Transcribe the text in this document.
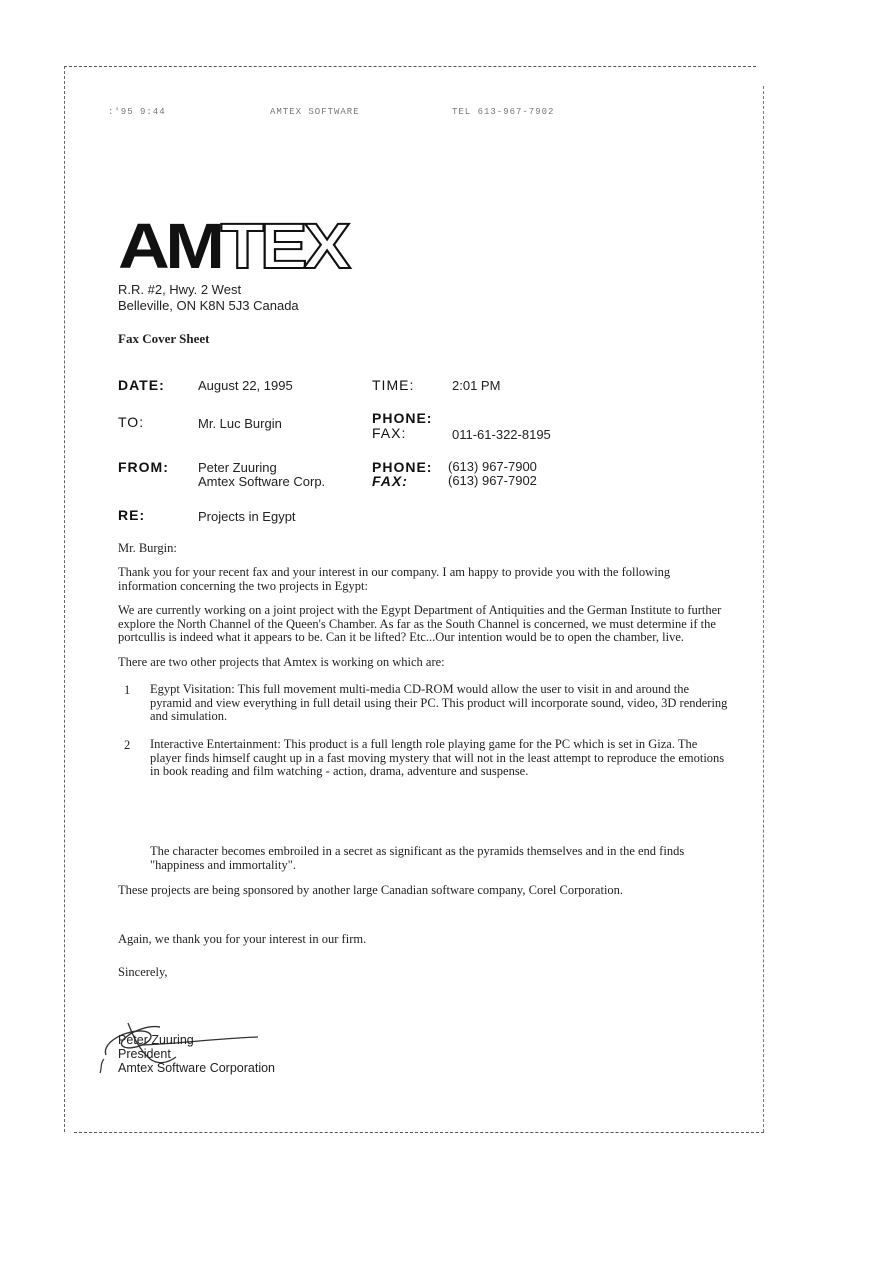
:'95 9:44	AMTEX SOFTWARE	TEL 613-967-7902
AMTEX
R.R. #2, Hwy. 2 West
Belleville, ON K8N 5J3 Canada
Fax Cover Sheet
DATE:	August 22, 1995	TIME:	2:01 PM
TO:	Mr. Luc Burgin	PHONE:
FAX:	011-61-322-8195
FROM: Peter Zuuring
Amtex Software Corp.
PHONE: (613) 967-7900
FAX:	(613) 967-7902
RE:	Projects in Egypt
Mr. Burgin:
Thank you for your recent fax and your interest in our company. I am happy to provide you with the following information concerning the two projects in Egypt:
We are currently working on a joint project with the Egypt Department of Antiquities and the German Institute to further explore the North Channel of the Queen's Chamber. As far as the South Channel is concerned, we must determine if the portcullis is indeed what it appears to be. Can it be lifted? Etc...Our intention would be to open the chamber, live.
There are two other projects that Amtex is working on which are:
1 Egypt Visitation: This full movement multi-media CD-ROM would allow the user to visit in and around the pyramid and view everything in full detail using their PC. This product will incorporate sound, video, 3D rendering and simulation.
2 Interactive Entertainment: This product is a full length role playing game for the PC which is set in Giza. The player finds himself caught up in a fast moving mystery that will not in the least attempt to reproduce the emotions in book reading and film watching - action, drama, adventure and suspense.
The character becomes embroiled in a secret as significant as the pyramids themselves and in the end finds "happiness and immortality".
These projects are being sponsored by another large Canadian software company, Corel Corporation.
Again, we thank you for your interest in our firm.
Sincerely,
Peter Zuuring
President
Amtex Software Corporation
